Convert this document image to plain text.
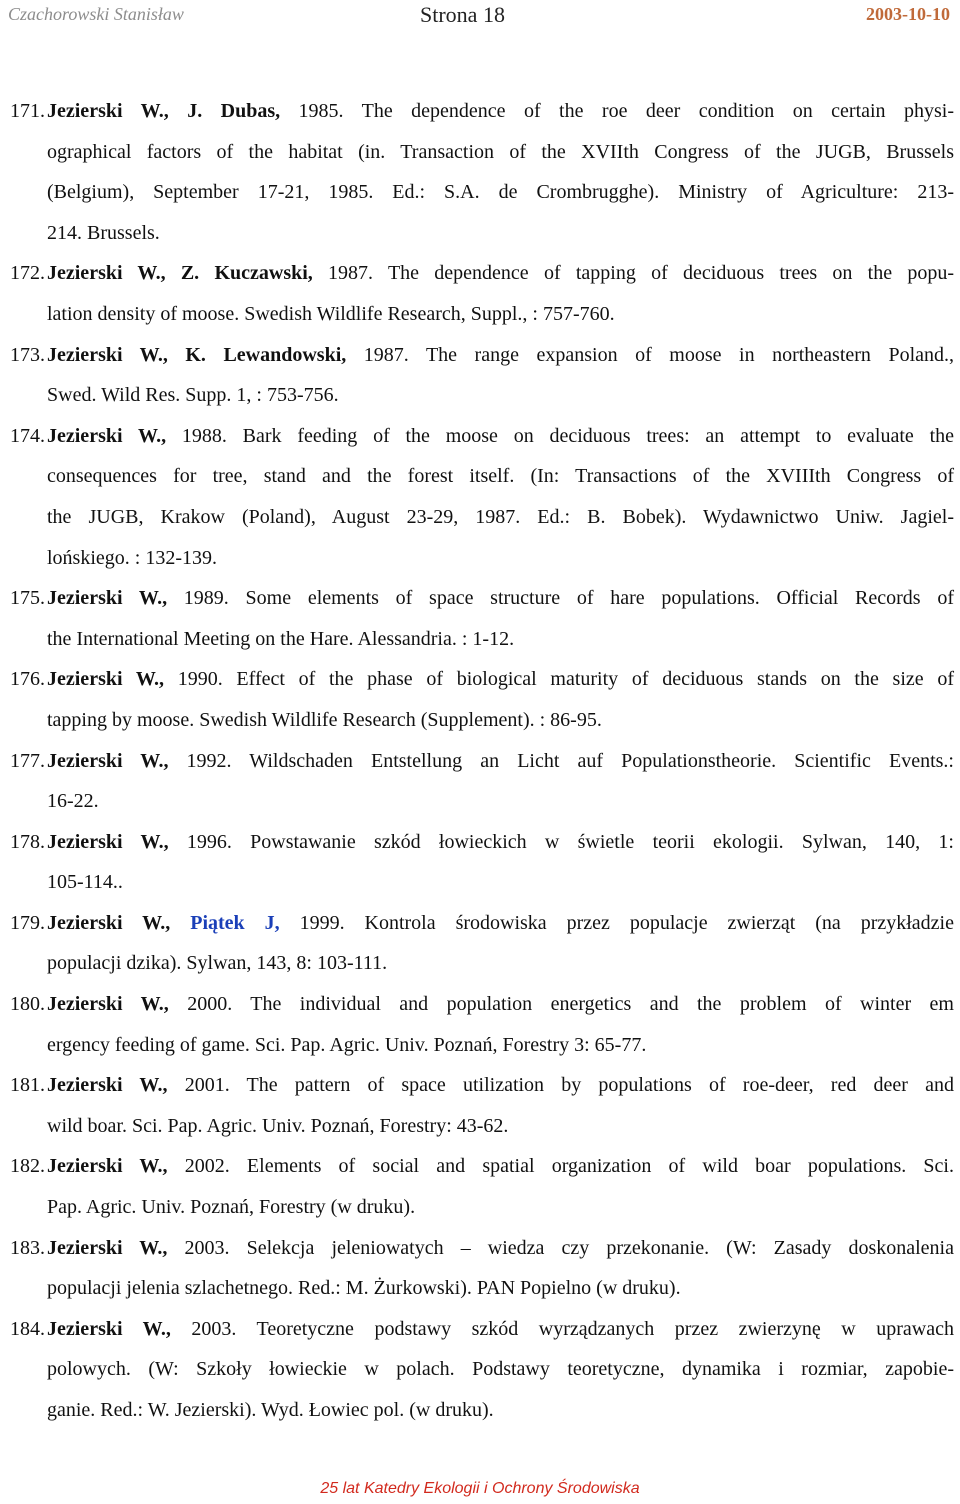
Czachorowski Stanisław	Strona 18	2003-10-10
171. Jezierski W., J. Dubas, 1985. The dependence of the roe deer condition on certain physi-
ographical factors of the habitat (in. Transaction of the XVIIth Congress of the JUGB, Brussels
(Belgium), September 17-21, 1985. Ed.: S.A. de Crombrugghe). Ministry of Agriculture: 213-
214. Brussels.
172. Jezierski W., Z. Kuczawski, 1987. The dependence of tapping of deciduous trees on the popu-
lation density of moose. Swedish Wildlife Research, Suppl., : 757-760.
173. Jezierski W., K. Lewandowski, 1987. The range expansion of moose in northeastern Poland.,
Swed. Wild Res. Supp. 1, : 753-756.
174. Jezierski W., 1988. Bark feeding of the moose on deciduous trees: an attempt to evaluate the
consequences for tree, stand and the forest itself. (In: Transactions of the XVIIIth Congress of
the JUGB, Krakow (Poland), August 23-29, 1987. Ed.: B. Bobek). Wydawnictwo Uniw. Jagiel-
lońskiego. : 132-139.
175. Jezierski W., 1989. Some elements of space structure of hare populations. Official Records of
the International Meeting on the Hare. Alessandria. : 1-12.
176. Jezierski W., 1990. Effect of the phase of biological maturity of deciduous stands on the size of
tapping by moose. Swedish Wildlife Research (Supplement). : 86-95.
177. Jezierski W., 1992. Wildschaden Entstellung an Licht auf Populationstheorie. Scientific Events.:
16-22.
178. Jezierski W., 1996. Powstawanie szkód łowieckich w świetle teorii ekologii. Sylwan, 140, 1:
105-114..
179. Jezierski W., Piątek J, 1999. Kontrola środowiska przez populacje zwierząt (na przykładzie
populacji dzika). Sylwan, 143, 8: 103-111.
180. Jezierski W., 2000. The individual and population energetics and the problem of winter em
ergency feeding of game. Sci. Pap. Agric. Univ. Poznań, Forestry 3: 65-77.
181. Jezierski W., 2001. The pattern of space utilization by populations of roe-deer, red deer and
wild boar. Sci. Pap. Agric. Univ. Poznań, Forestry: 43-62.
182. Jezierski W., 2002. Elements of social and spatial organization of wild boar populations. Sci.
Pap. Agric. Univ. Poznań, Forestry (w druku).
183. Jezierski W., 2003. Selekcja jeleniowatych – wiedza czy przekonanie. (W: Zasady doskonalenia
populacji jelenia szlachetnego. Red.: M. Żurkowski). PAN Popielno (w druku).
184. Jezierski W., 2003. Teoretyczne podstawy szkód wyrządzanych przez zwierzynę w uprawach
polowych. (W: Szkoły łowieckie w polach. Podstawy teoretyczne, dynamika i rozmiar, zapobie-
ganie. Red.: W. Jezierski). Wyd. Łowiec pol. (w druku).
25 lat Katedry Ekologii i Ochrony Środowiska
